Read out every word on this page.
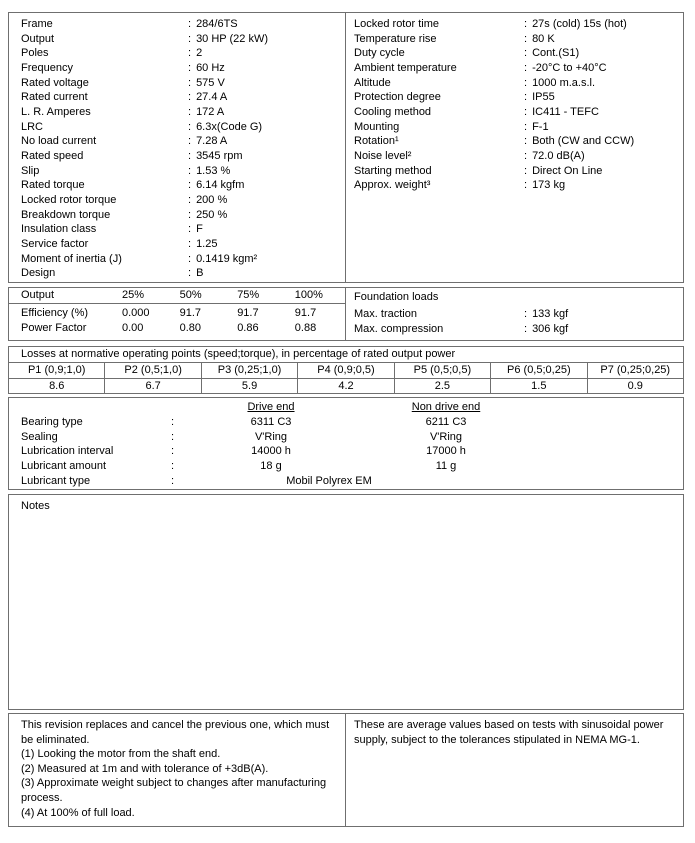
Frame	: 284/6TS
Output	: 30 HP (22 kW)
Poles	: 2
Frequency	: 60 Hz
Rated voltage	: 575 V
Rated current	: 27.4 A
L. R. Amperes	: 172 A
LRC	: 6.3x(Code G)
No load current	: 7.28 A
Rated speed	: 3545 rpm
Slip	: 1.53 %
Rated torque	: 6.14 kgfm
Locked rotor torque	: 200 %
Breakdown torque	: 250 %
Insulation class	: F
Service factor	: 1.25
Moment of inertia (J)	: 0.1419 kgm²
Design	: B
Locked rotor time	: 27s (cold) 15s (hot)
Temperature rise	: 80 K
Duty cycle	: Cont.(S1)
Ambient temperature	: -20°C to +40°C
Altitude	: 1000 m.a.s.l.
Protection degree	: IP55
Cooling method	: IC411 - TEFC
Mounting	: F-1
Rotation¹	: Both (CW and CCW)
Noise level²	: 72.0 dB(A)
Starting method	: Direct On Line
Approx. weight³	: 173 kg
Output	25%	50%	75%	100%
Efficiency (%)	0.000	91.7	91.7	91.7
Power Factor	0.00	0.80	0.86	0.88
Foundation loads
Max. traction	: 133 kgf
Max. compression	: 306 kgf
Losses at normative operating points (speed;torque), in percentage of rated output power
P1 (0,9;1,0)	P2 (0,5;1,0)	P3 (0,25;1,0)	P4 (0,9;0,5)	P5 (0,5;0,5)	P6 (0,5;0,25)	P7 (0,25;0,25)
8.6	6.7	5.9	4.2	2.5	1.5	0.9
Drive end	Non drive end
Bearing type	:	6311 C3	6211 C3
Sealing	:	V'Ring	V'Ring
Lubrication interval	:	14000 h	17000 h
Lubricant amount	:	18 g	11 g
Lubricant type	:	Mobil Polyrex EM
Notes
This revision replaces and cancel the previous one, which must be eliminated.
(1) Looking the motor from the shaft end.
(2) Measured at 1m and with tolerance of +3dB(A).
(3) Approximate weight subject to changes after manufacturing process.
(4) At 100% of full load.
These are average values based on tests with sinusoidal power supply, subject to the tolerances stipulated in NEMA MG-1.
